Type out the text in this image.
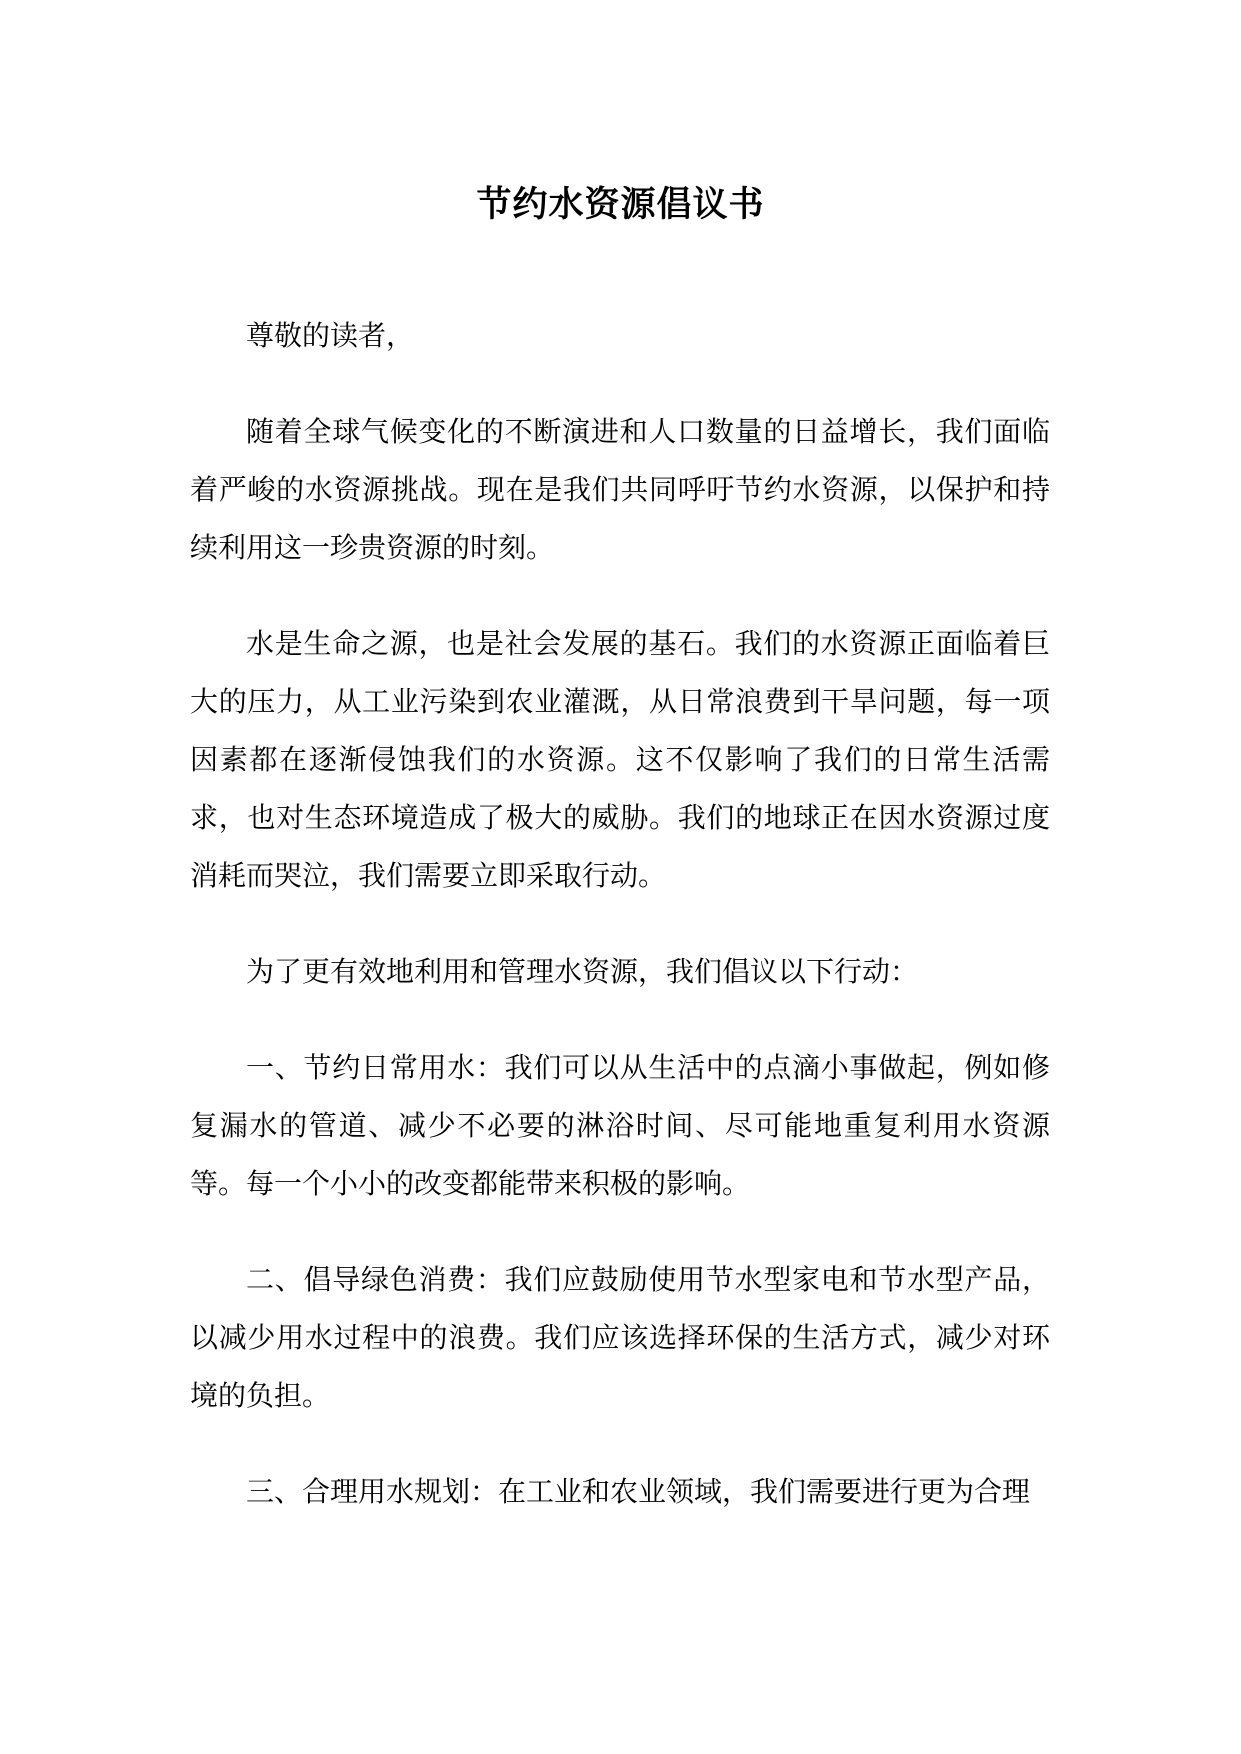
节约水资源倡议书

尊敬的读者，

随着全球气候变化的不断演进和人口数量的日益增长，我们面临着严峻的水资源挑战。现在是我们共同呼吁节约水资源，以保护和持续利用这一珍贵资源的时刻。

水是生命之源，也是社会发展的基石。我们的水资源正面临着巨大的压力，从工业污染到农业灌溉，从日常浪费到干旱问题，每一项因素都在逐渐侵蚀我们的水资源。这不仅影响了我们的日常生活需求，也对生态环境造成了极大的威胁。我们的地球正在因水资源过度消耗而哭泣，我们需要立即采取行动。

为了更有效地利用和管理水资源，我们倡议以下行动：

一、节约日常用水：我们可以从生活中的点滴小事做起，例如修复漏水的管道、减少不必要的淋浴时间、尽可能地重复利用水资源等。每一个小小的改变都能带来积极的影响。

二、倡导绿色消费：我们应鼓励使用节水型家电和节水型产品，以减少用水过程中的浪费。我们应该选择环保的生活方式，减少对环境的负担。

三、合理用水规划：在工业和农业领域，我们需要进行更为合理
